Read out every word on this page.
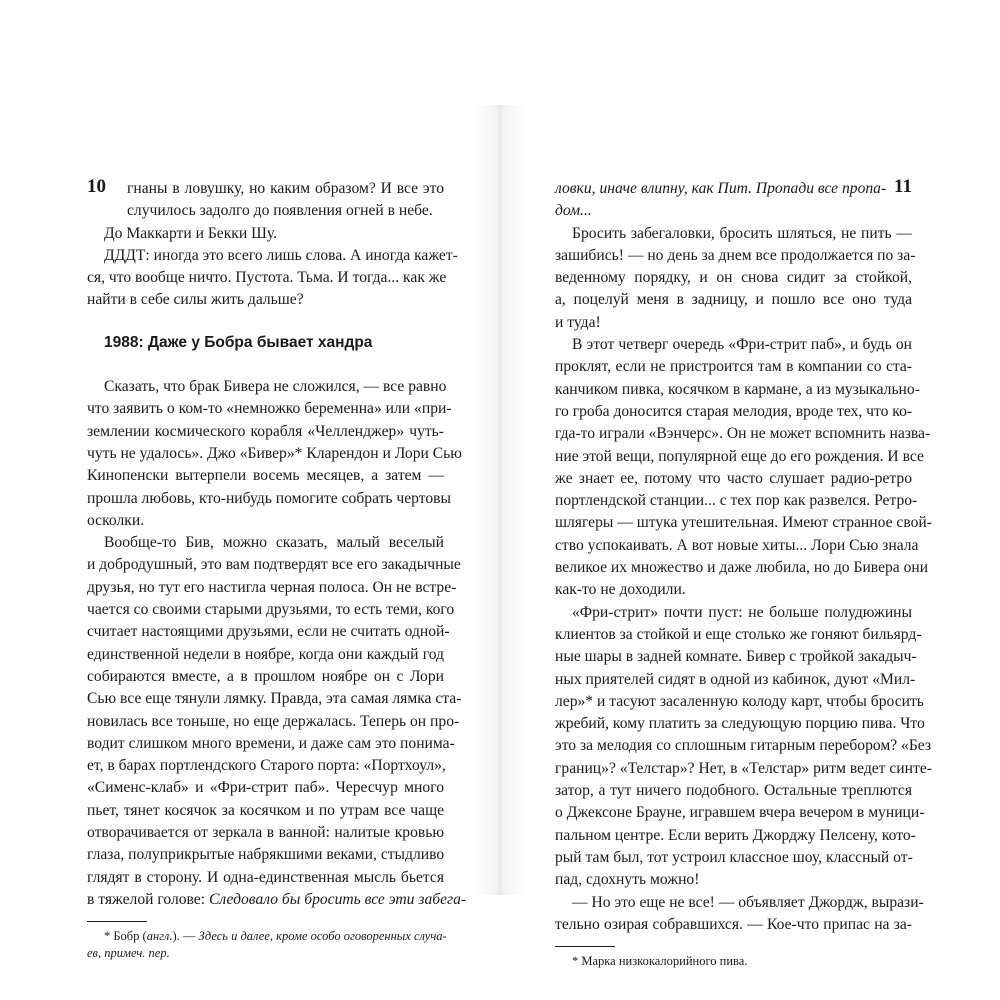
10	гнаны в ловушку, но каким образом? И все это
случилось задолго до появления огней в небе.
До Маккарти и Бекки Шу.
ДДДТ: иногда это всего лишь слова. А иногда кажет-
ся, что вообще ничто. Пустота. Тьма. И тогда... как же
найти в себе силы жить дальше?
1988: Даже у Бобра бывает хандра
Сказать, что брак Бивера не сложился, — все равно
что заявить о ком-то «немножко беременна» или «при-
землении космического корабля «Челленджер» чуть-
чуть не удалось». Джо «Бивер»* Кларендон и Лори Сью
Кинопенски вытерпели восемь месяцев, а затем —
прошла любовь, кто-нибудь помогите собрать чертовы
осколки.
Вообще-то Бив, можно сказать, малый веселый
и добродушный, это вам подтвердят все его закадычные
друзья, но тут его настигла черная полоса. Он не встре-
чается со своими старыми друзьями, то есть теми, кого
считает настоящими друзьями, если не считать одной-
единственной недели в ноябре, когда они каждый год
собираются вместе, а в прошлом ноябре он с Лори
Сью все еще тянули лямку. Правда, эта самая лямка ста-
новилась все тоньше, но еще держалась. Теперь он про-
водит слишком много времени, и даже сам это понима-
ет, в барах портлендского Старого порта: «Портхоул»,
«Сименс-клаб» и «Фри-стрит паб». Чересчур много
пьет, тянет косячок за косячком и по утрам все чаще
отворачивается от зеркала в ванной: налитые кровью
глаза, полуприкрытые набрякшими веками, стыдливо
глядят в сторону. И одна-единственная мысль бьется
в тяжелой голове: Следовало бы бросить все эти забега-
* Бобр (англ.). — Здесь и далее, кроме особо оговоренных случа-
ев, примеч. пер.
11
ловки, иначе влипну, как Пит. Пропади все пропа-
дом...
Бросить забегаловки, бросить шляться, не пить —
зашибись! — но день за днем все продолжается по за-
веденному порядку, и он снова сидит за стойкой,
а, поцелуй меня в задницу, и пошло все оно туда
и туда!
В этот четверг очередь «Фри-стрит паб», и будь он
проклят, если не пристроится там в компании со ста-
канчиком пивка, косячком в кармане, а из музыкально-
го гроба доносится старая мелодия, вроде тех, что ко-
гда-то играли «Вэнчерс». Он не может вспомнить назва-
ние этой вещи, популярной еще до его рождения. И все
же знает ее, потому что часто слушает радио-ретро
портлендской станции... с тех пор как развелся. Ретро-
шлягеры — штука утешительная. Имеют странное свой-
ство успокаивать. А вот новые хиты... Лори Сью знала
великое их множество и даже любила, но до Бивера они
как-то не доходили.
«Фри-стрит» почти пуст: не больше полудюжины
клиентов за стойкой и еще столько же гоняют бильярд-
ные шары в задней комнате. Бивер с тройкой закадыч-
ных приятелей сидят в одной из кабинок, дуют «Мил-
лер»* и тасуют засаленную колоду карт, чтобы бросить
жребий, кому платить за следующую порцию пива. Что
это за мелодия со сплошным гитарным перебором? «Без
границ»? «Телстар»? Нет, в «Телстар» ритм ведет синте-
затор, а тут ничего подобного. Остальные треплются
о Джексоне Брауне, игравшем вчера вечером в муници-
пальном центре. Если верить Джорджу Пелсену, кото-
рый там был, тот устроил классное шоу, классный от-
пад, сдохнуть можно!
— Но это еще не все! — объявляет Джордж, вырази-
тельно озирая собравшихся. — Кое-что припас на за-
* Марка низкокалорийного пива.
